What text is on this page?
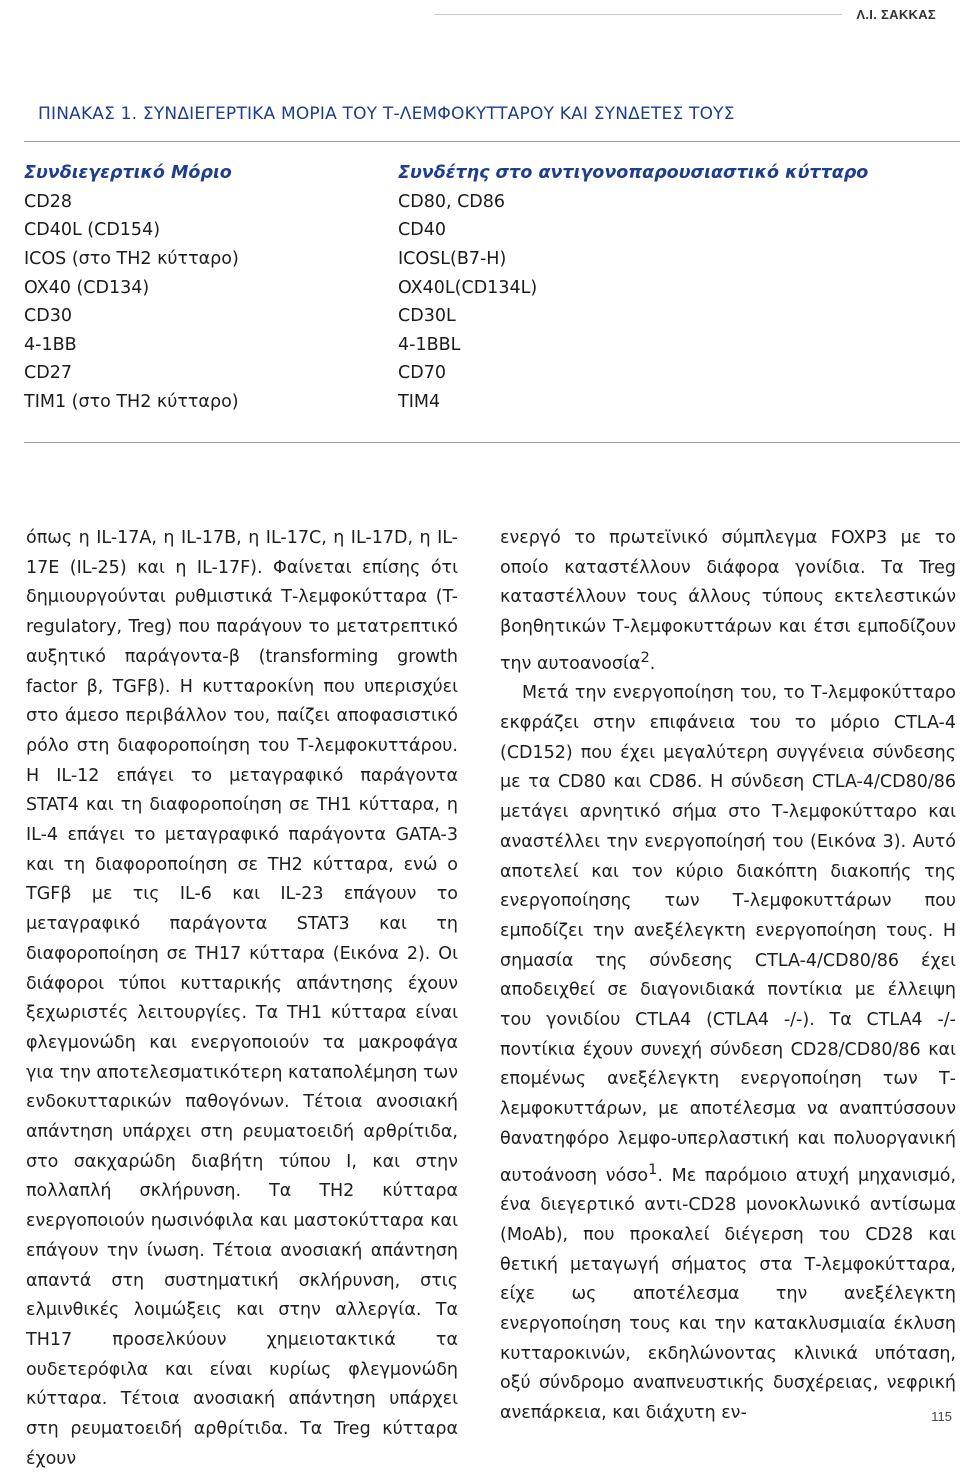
Λ.Ι. ΣΑΚΚΑΣ
ΠΙΝΑΚΑΣ 1. ΣΥΝΔΙΕΓΕΡΤΙΚΑ ΜΟΡΙΑ ΤΟΥ Τ-ΛΕΜΦΟΚΥΤΤΑΡΟΥ ΚΑΙ ΣΥΝΔΕΤΕΣ ΤΟΥΣ
Συνδιεγερτικό Μόριο	Συνδέτης στο αντιγονοπαρουσιαστικό κύτταρο
CD28	CD80, CD86
CD40L (CD154)	CD40
ICOS (στο TH2 κύτταρο)	ICOSL(B7-H)
OX40 (CD134)	OX40L(CD134L)
CD30	CD30L
4-1BB	4-1BBL
CD27	CD70
TIM1 (στο TH2 κύτταρο)	TIM4

όπως η IL-17A, η IL-17B, η IL-17C, η IL-17D, η IL-17E (IL-25) και η IL-17F). Φαίνεται επίσης ότι δημιουργούνται ρυθμιστικά Τ-λεμφοκύτταρα (T-regulatory, Treg) που παράγουν το μετατρεπτικό αυξητικό παράγοντα-β (transforming growth factor β, TGFβ). Η κυτταροκίνη που υπερισχύει στο άμεσο περιβάλλον του, παίζει αποφασιστικό ρόλο στη διαφοροποίηση του Τ-λεμφοκυττάρου. Η IL-12 επάγει το μεταγραφικό παράγοντα STAT4 και τη διαφοροποίηση σε TH1 κύτταρα, η IL-4 επάγει το μεταγραφικό παράγοντα GATA-3 και τη διαφοροποίηση σε TH2 κύτταρα, ενώ ο TGFβ με τις IL-6 και IL-23 επάγουν το μεταγραφικό παράγοντα STAT3 και τη διαφοροποίηση σε TH17 κύτταρα (Εικόνα 2). Οι διάφοροι τύποι κυτταρικής απάντησης έχουν ξεχωριστές λειτουργίες. Τα TH1 κύτταρα είναι φλεγμονώδη και ενεργοποιούν τα μακροφάγα για την αποτελεσματικότερη καταπολέμηση των ενδοκυτταρικών παθογόνων. Τέτοια ανοσιακή απάντηση υπάρχει στη ρευματοειδή αρθρίτιδα, στο σακχαρώδη διαβήτη τύπου I, και στην πολλαπλή σκλήρυνση. Τα TH2 κύτταρα ενεργοποιούν ηωσινόφιλα και μαστοκύτταρα και επάγουν την ίνωση. Τέτοια ανοσιακή απάντηση απαντά στη συστηματική σκλήρυνση, στις ελμινθικές λοιμώξεις και στην αλλεργία. Τα TH17 προσελκύουν χημειοτακτικά τα ουδετερόφιλα και είναι κυρίως φλεγμονώδη κύτταρα. Τέτοια ανοσιακή απάντηση υπάρχει στη ρευματοειδή αρθρίτιδα. Τα Treg κύτταρα έχουν

ενεργό το πρωτεϊνικό σύμπλεγμα FOXP3 με το οποίο καταστέλλουν διάφορα γονίδια. Τα Treg καταστέλλουν τους άλλους τύπους εκτελεστικών βοηθητικών Τ-λεμφοκυττάρων και έτσι εμποδίζουν την αυτοανοσία$^2$.

Μετά την ενεργοποίηση του, το Τ-λεμφοκύτταρο εκφράζει στην επιφάνεια του το μόριο CTLA-4 (CD152) που έχει μεγαλύτερη συγγένεια σύνδεσης με τα CD80 και CD86. Η σύνδεση CTLA-4/CD80/86 μετάγει αρνητικό σήμα στο Τ-λεμφοκύτταρο και αναστέλλει την ενεργοποίησή του (Εικόνα 3). Αυτό αποτελεί και τον κύριο διακόπτη διακοπής της ενεργοποίησης των Τ-λεμφοκυττάρων που εμποδίζει την ανεξέλεγκτη ενεργοποίηση τους. Η σημασία της σύνδεσης CTLA-4/CD80/86 έχει αποδειχθεί σε διαγονιδιακά ποντίκια με έλλειψη του γονιδίου CTLA4 (CTLA4 -/-). Τα CTLA4 -/- ποντίκια έχουν συνεχή σύνδεση CD28/CD80/86 και επομένως ανεξέλεγκτη ενεργοποίηση των Τ-λεμφοκυττάρων, με αποτέλεσμα να αναπτύσσουν θανατηφόρο λεμφο-υπερλαστική και πολυοργανική αυτοάνοση νόσο$^1$. Με παρόμοιο ατυχή μηχανισμό, ένα διεγερτικό αντι-CD28 μονοκλωνικό αντίσωμα (MoAb), που προκαλεί διέγερση του CD28 και θετική μεταγωγή σήματος στα Τ-λεμφοκύτταρα, είχε ως αποτέλεσμα την ανεξέλεγκτη ενεργοποίηση τους και την κατακλυσμιαία έκλυση κυτταροκινών, εκδηλώνοντας κλινικά υπόταση, οξύ σύνδρομο αναπνευστικής δυσχέρειας, νεφρική ανεπάρκεια, και διάχυτη εν-	115
